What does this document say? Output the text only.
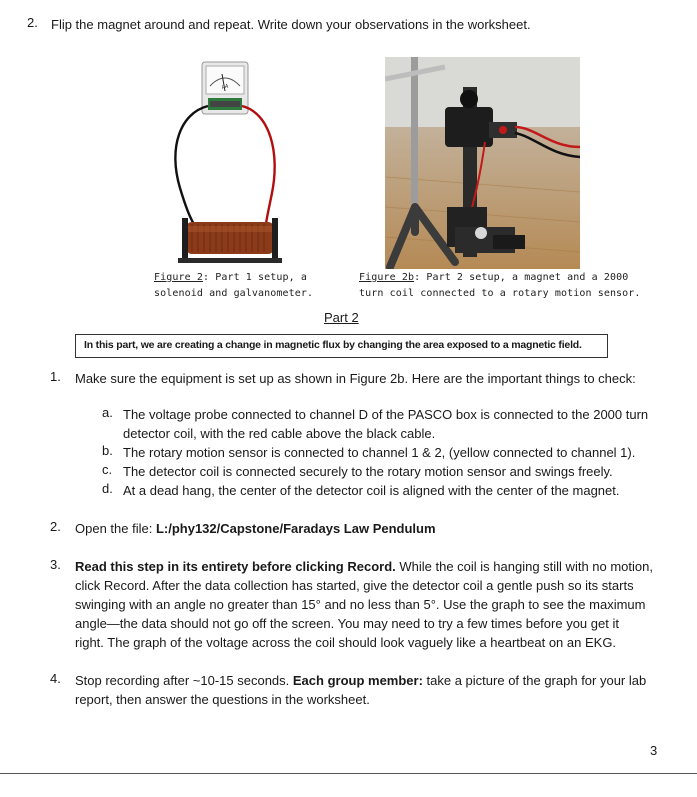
2. Flip the magnet around and repeat. Write down your observations in the worksheet.
μA
Figure 2: Part 1 setup, a
solenoid and galvanometer.
Figure 2b: Part 2 setup, a magnet and a 2000
turn coil connected to a rotary motion sensor.
Part 2
In this part, we are creating a change in magnetic flux by changing the area exposed to a magnetic field.
1. Make sure the equipment is set up as shown in Figure 2b. Here are the important things to check:
a. The voltage probe connected to channel D of the PASCO box is connected to the 2000 turn
detector coil, with the red cable above the black cable.
b. The rotary motion sensor is connected to channel 1 & 2, (yellow connected to channel 1).
c. The detector coil is connected securely to the rotary motion sensor and swings freely.
d. At a dead hang, the center of the detector coil is aligned with the center of the magnet.
2. Open the file: L:/phy132/Capstone/Faradays Law Pendulum
3. Read this step in its entirety before clicking Record. While the coil is hanging still with no motion,
click Record. After the data collection has started, give the detector coil a gentle push so its starts
swinging with an angle no greater than 15° and no less than 5°. Use the graph to see the maximum
angle—the data should not go off the screen. You may need to try a few times before you get it
right. The graph of the voltage across the coil should look vaguely like a heartbeat on an EKG.
4. Stop recording after ~10-15 seconds. Each group member: take a picture of the graph for your lab
report, then answer the questions in the worksheet.
3
